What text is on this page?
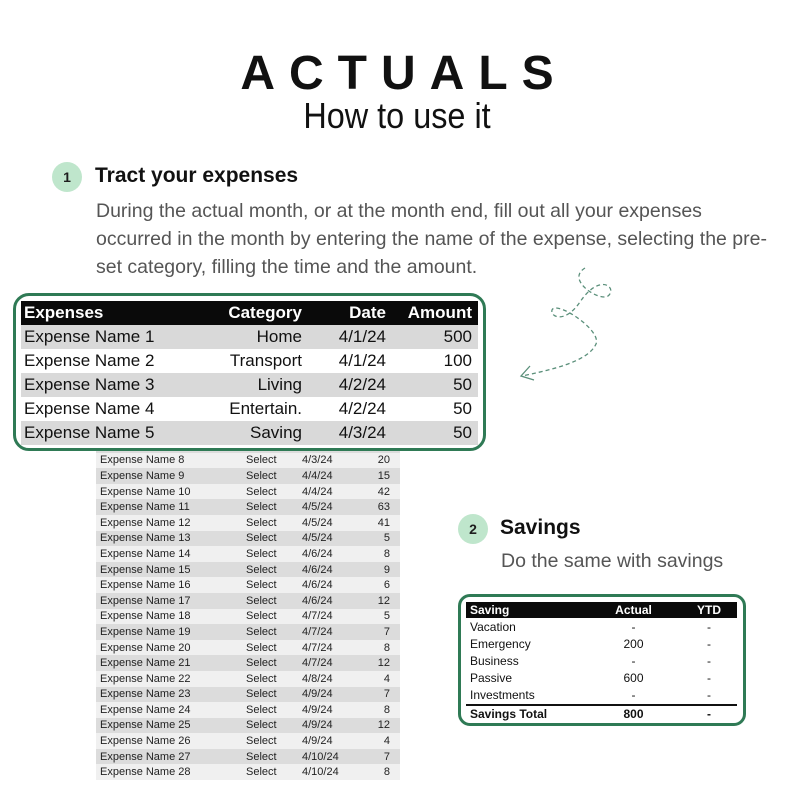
ACTUALS
How to use it
1	Tract your expenses
During the actual month, or at the month end, fill out all your expenses
occurred in the month by entering the name of the expense, selecting the pre-
set category, filling the time and the amount.
Expense Name 8	Select	4/3/24	20
Expense Name 9	Select	4/4/24	15
Expense Name 10	Select	4/4/24	42
Expense Name 11	Select	4/5/24	63
Expense Name 12	Select	4/5/24	41
Expense Name 13	Select	4/5/24	5
Expense Name 14	Select	4/6/24	8
Expense Name 15	Select	4/6/24	9
Expense Name 16	Select	4/6/24	6
Expense Name 17	Select	4/6/24	12
Expense Name 18	Select	4/7/24	5
Expense Name 19	Select	4/7/24	7
Expense Name 20	Select	4/7/24	8
Expense Name 21	Select	4/7/24	12
Expense Name 22	Select	4/8/24	4
Expense Name 23	Select	4/9/24	7
Expense Name 24	Select	4/9/24	8
Expense Name 25	Select	4/9/24	12
Expense Name 26	Select	4/9/24	4
Expense Name 27	Select	4/10/24	7
Expense Name 28	Select	4/10/24	8
Expenses	Category	Date	Amount
Expense Name 1	Home	4/1/24	500
Expense Name 2	Transport	4/1/24	100
Expense Name 3	Living	4/2/24	50
Expense Name 4	Entertain.	4/2/24	50
Expense Name 5	Saving	4/3/24	50
2	Savings
Do the same with savings
Saving	Actual	YTD
Vacation	-	-
Emergency	200	-
Business	-	-
Passive	600	-
Investments	-	-
Savings Total	800	-
